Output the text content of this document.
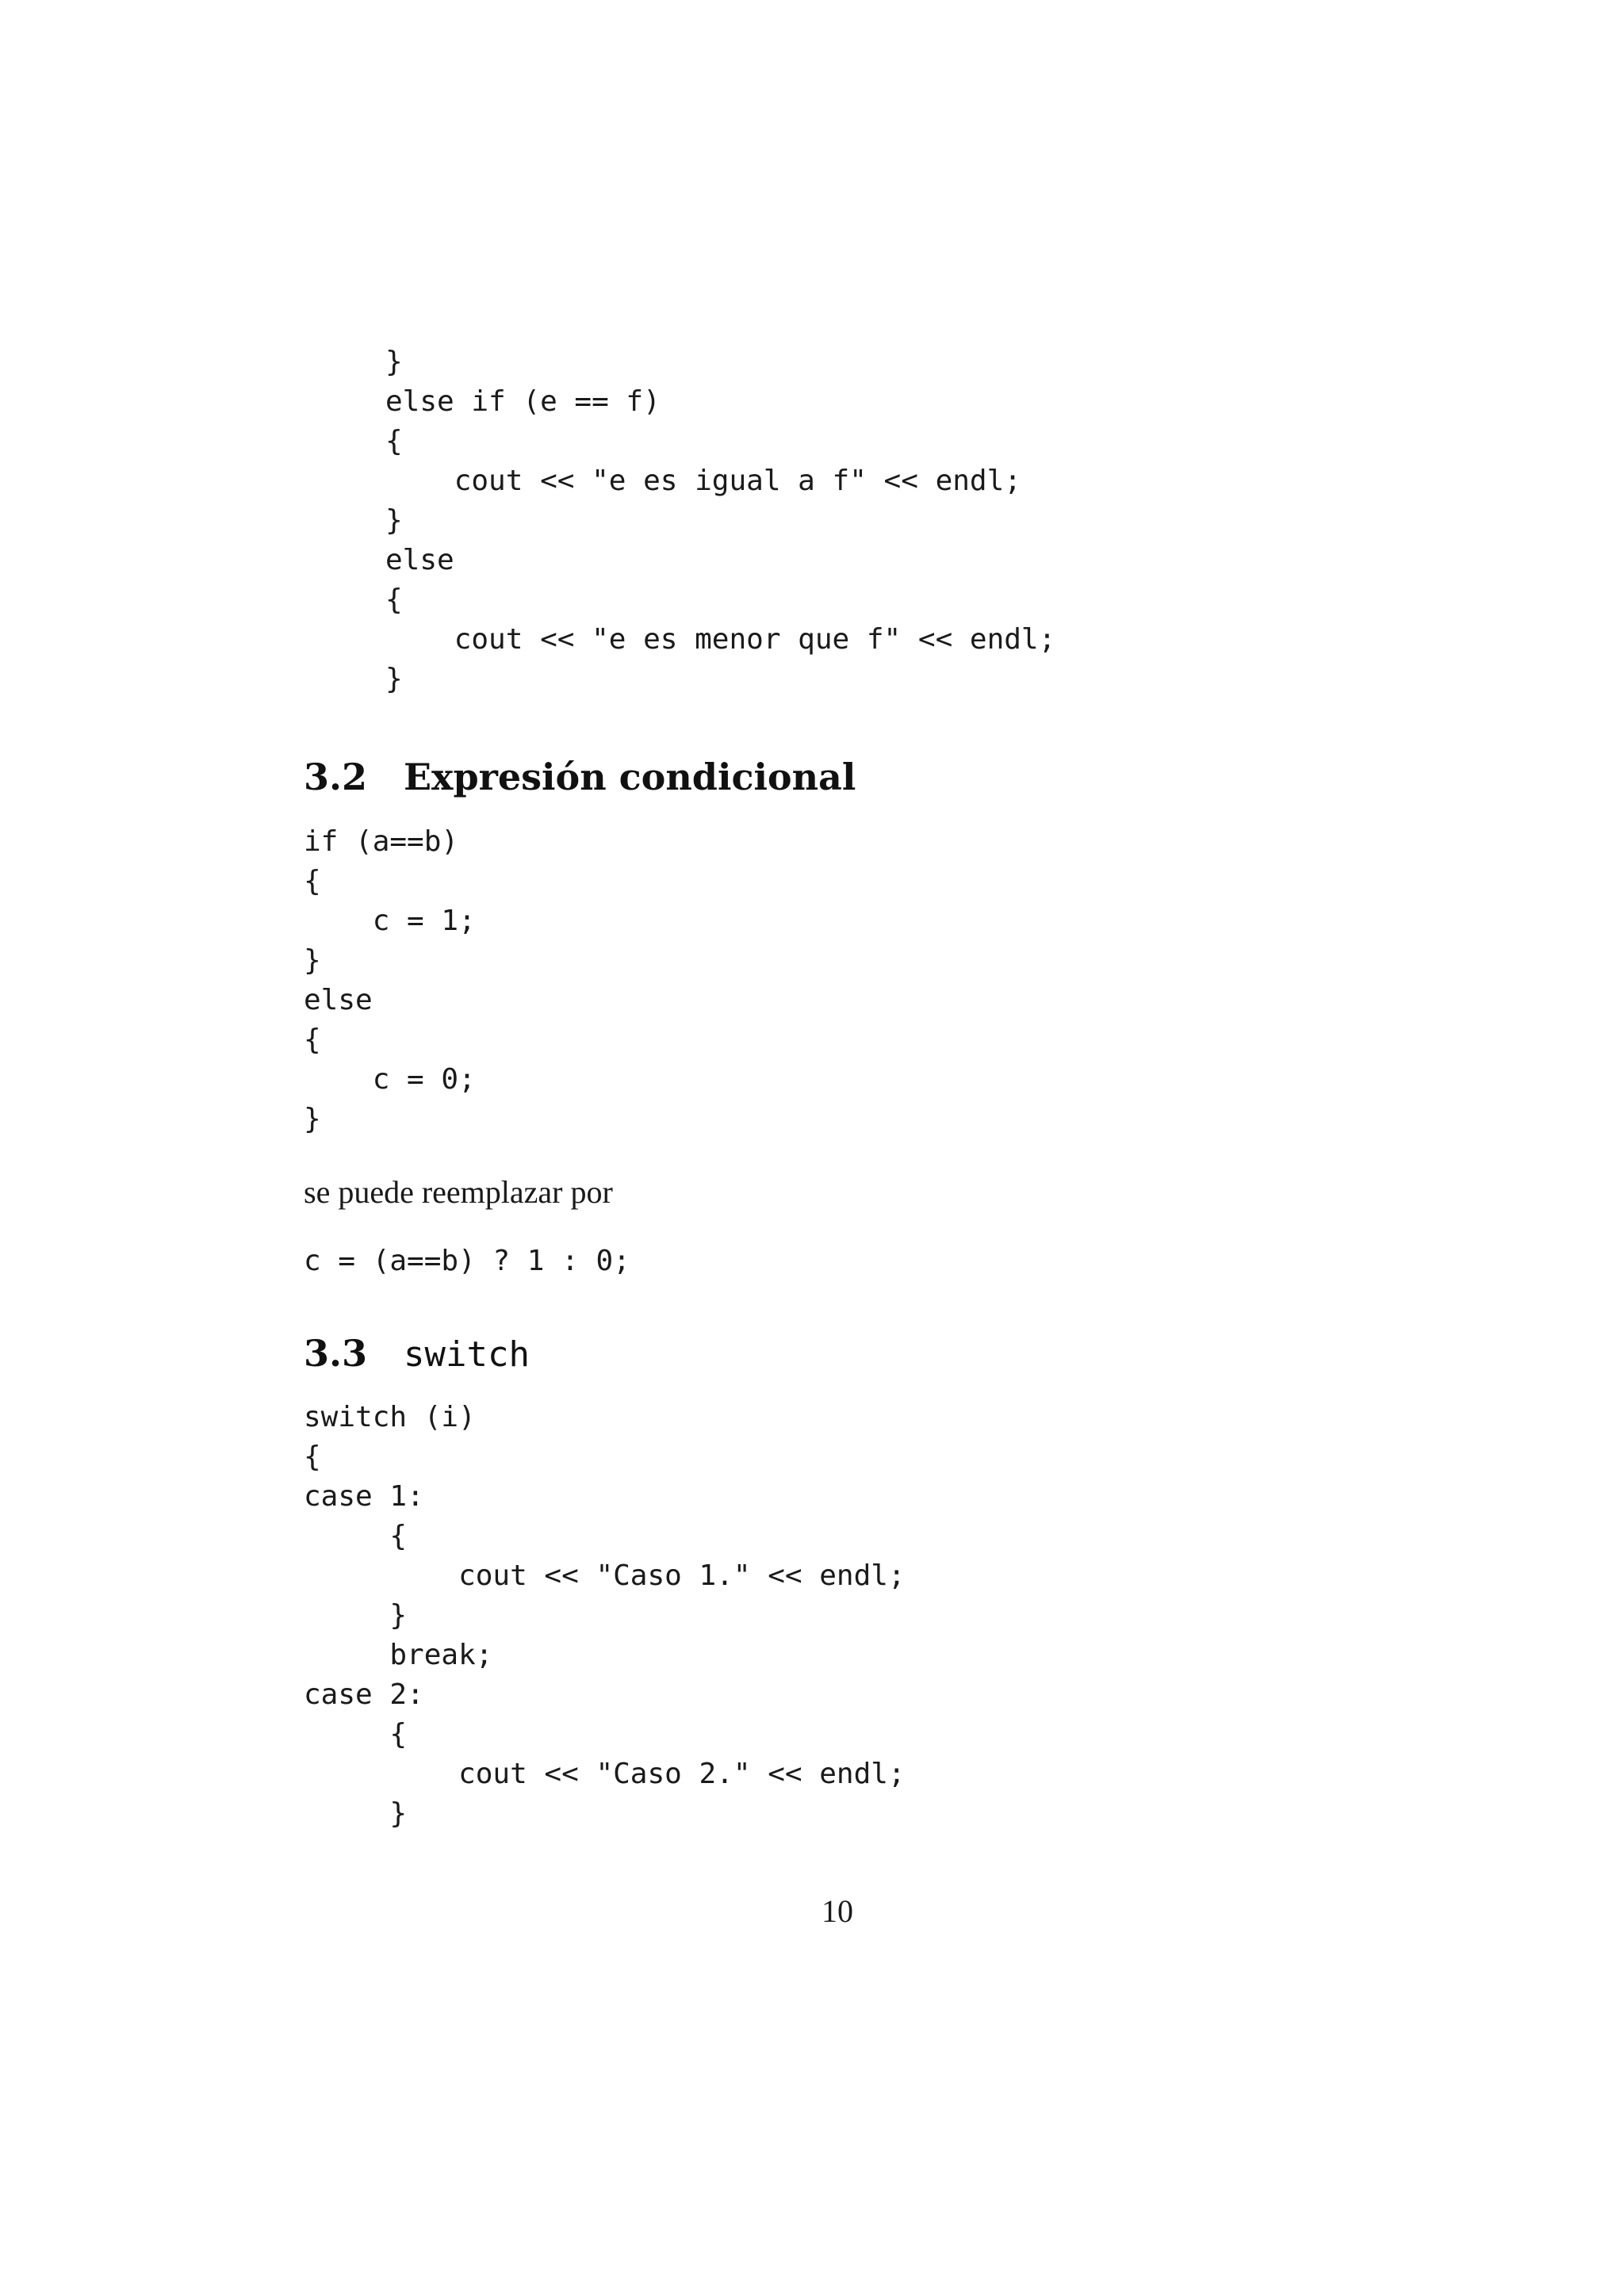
}
else if (e == f)
{
cout << "e es igual a f" << endl;
}
else
{
cout << "e es menor que f" << endl;
}
3.2 Expresión condicional
if (a==b)
{
c = 1;
}
else
{
c = 0;
}

se puede reemplazar por

c = (a==b) ? 1 : 0;
3.3 switch
switch (i)
{
case 1:
{
cout << "Caso 1." << endl;
}
break;
case 2:
{
cout << "Caso 2." << endl;
}
10
